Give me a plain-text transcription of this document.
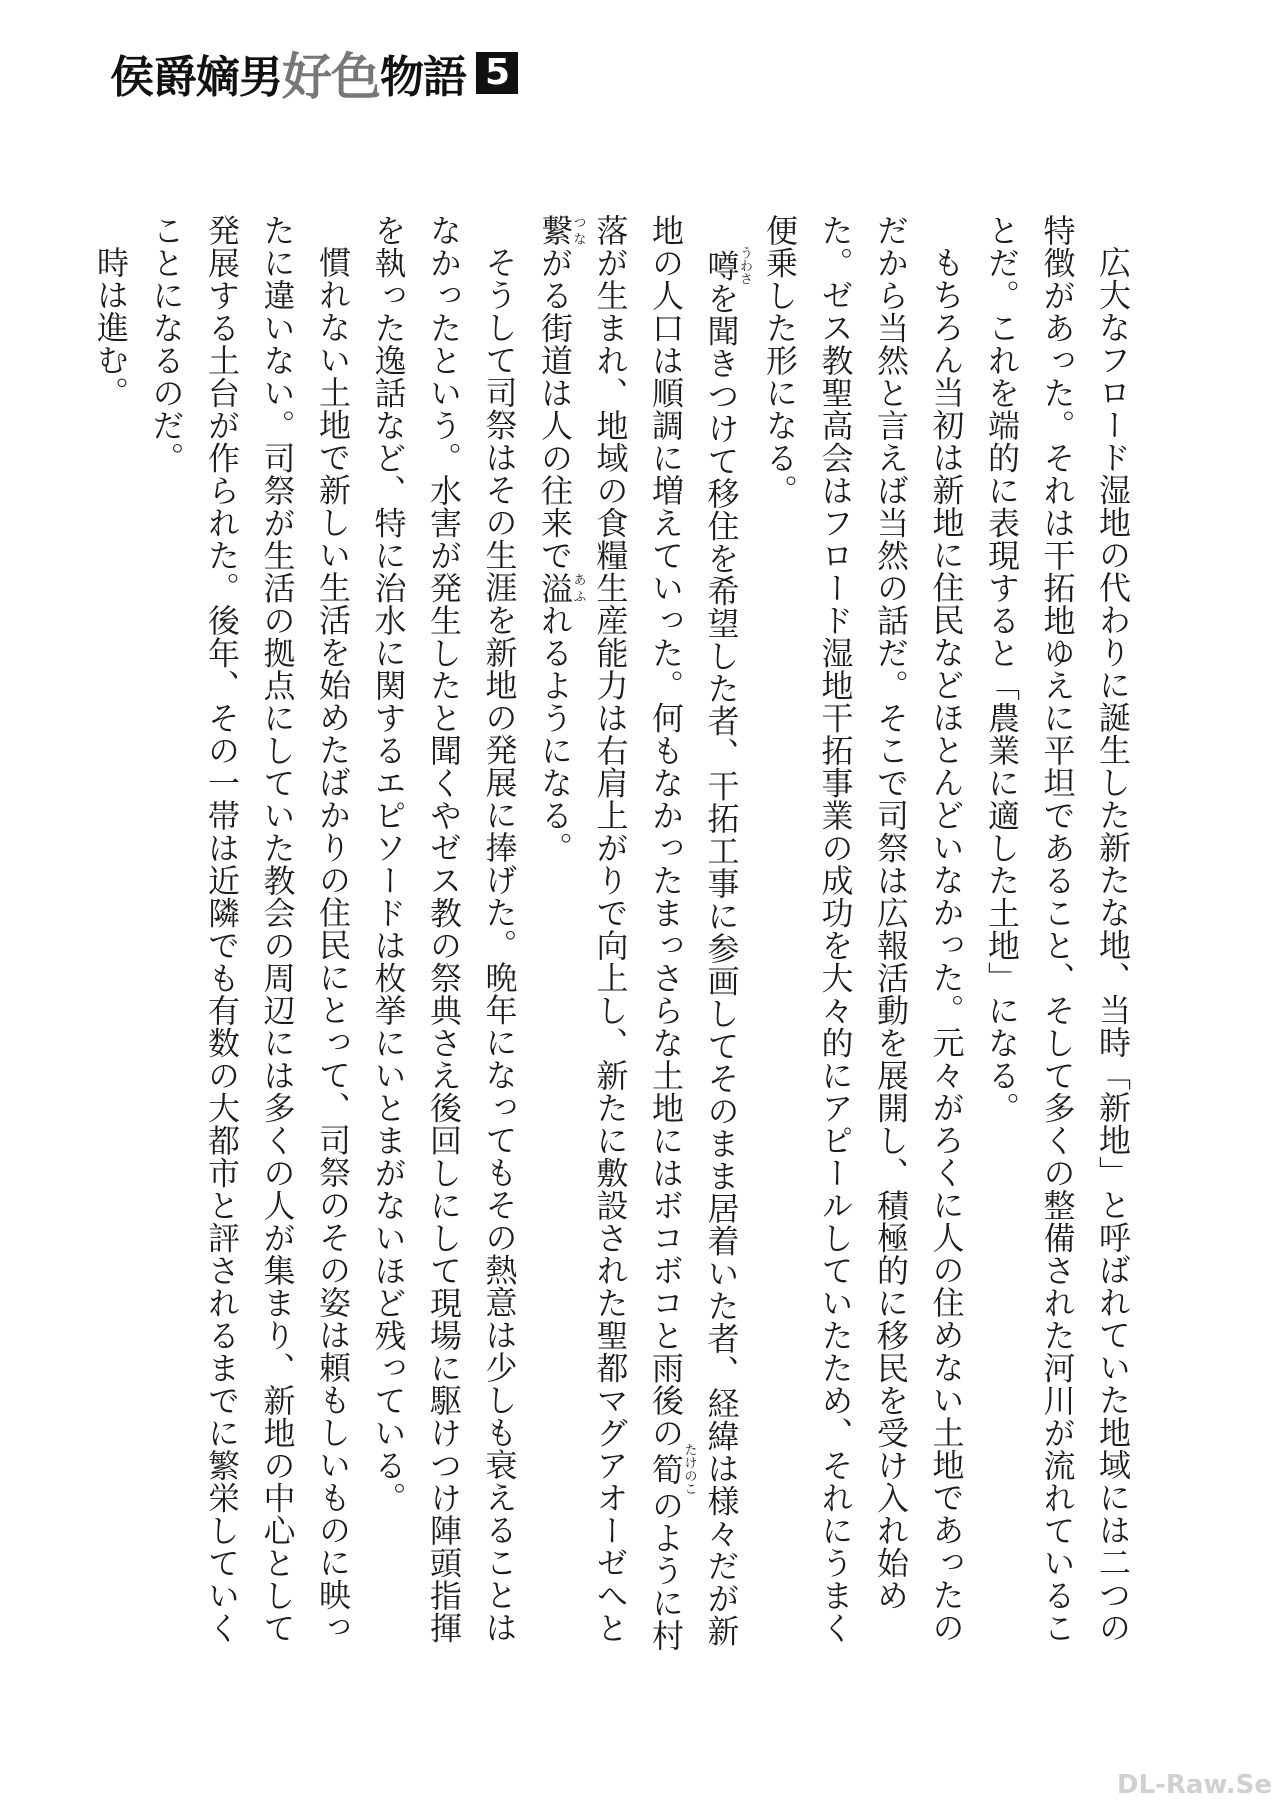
侯爵嫡男 好色 物語 5

広大なフロード湿地の代わりに誕生した新たな地、当時「新地」と呼ばれていた地域には二つの特徴があった。それは干拓地ゆえに平坦であること、そして多くの整備された河川が流れていることだ。これを端的に表現すると「農業に適した土地」になる。

もちろん当初は新地に住民などほとんどいなかった。元々がろくに人の住めない土地であったのだから当然と言えば当然の話だ。そこで司祭は広報活動を展開し、積極的に移民を受け入れ始めた。ゼス教聖高会はフロード湿地干拓事業の成功を大々的にアピールしていたため、それにうまく便乗した形になる。

噂うわさを聞きつけて移住を希望した者、干拓工事に参画してそのまま居着いた者、経緯は様々だが新地の人口は順調に増えていった。何もなかったまっさらな土地にはボコボコと雨後の筍たけのこのように村落が生まれ、地域の食糧生産能力は右肩上がりで向上し、新たに敷設された聖都マグアオーゼへと繋つながる街道は人の往来で溢あふれるようになる。

そうして司祭はその生涯を新地の発展に捧げた。晩年になってもその熱意は少しも衰えることはなかったという。水害が発生したと聞くやゼス教の祭典さえ後回しにして現場に駆けつけ陣頭指揮を執った逸話など、特に治水に関するエピソードは枚挙にいとまがないほど残っている。

慣れない土地で新しい生活を始めたばかりの住民にとって、司祭のその姿は頼もしいものに映ったに違いない。司祭が生活の拠点にしていた教会の周辺には多くの人が集まり、新地の中心として発展する土台が作られた。後年、その一帯は近隣でも有数の大都市と評されるまでに繁栄していくことになるのだ。

時は進む。

DL-Raw.Se
